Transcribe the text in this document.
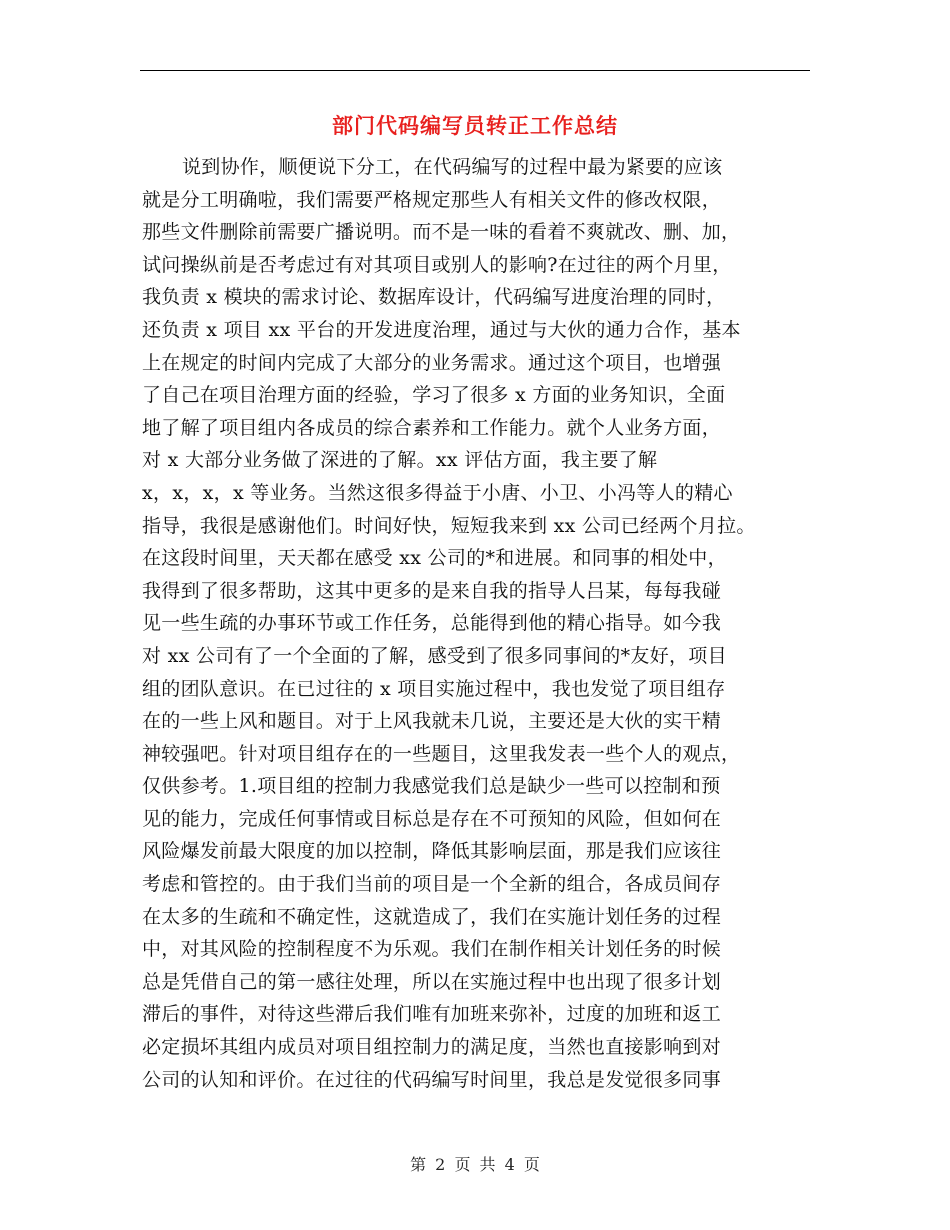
部门代码编写员转正工作总结
说到协作，顺便说下分工，在代码编写的过程中最为紧要的应该
就是分工明确啦，我们需要严格规定那些人有相关文件的修改权限，
那些文件删除前需要广播说明。而不是一味的看着不爽就改、删、加，
试问操纵前是否考虑过有对其项目或别人的影响?在过往的两个月里，
我负责 x 模块的需求讨论、数据库设计，代码编写进度治理的同时，
还负责 x 项目 xx 平台的开发进度治理，通过与大伙的通力合作，基本
上在规定的时间内完成了大部分的业务需求。通过这个项目，也增强
了自己在项目治理方面的经验，学习了很多 x 方面的业务知识，全面
地了解了项目组内各成员的综合素养和工作能力。就个人业务方面，
对 x 大部分业务做了深进的了解。xx 评估方面，我主要了解
x，x，x，x 等业务。当然这很多得益于小唐、小卫、小冯等人的精心
指导，我很是感谢他们。时间好快，短短我来到 xx 公司已经两个月拉。
在这段时间里，天天都在感受 xx 公司的*和进展。和同事的相处中，
我得到了很多帮助，这其中更多的是来自我的指导人吕某，每每我碰
见一些生疏的办事环节或工作任务，总能得到他的精心指导。如今我
对 xx 公司有了一个全面的了解，感受到了很多同事间的*友好，项目
组的团队意识。在已过往的 x 项目实施过程中，我也发觉了项目组存
在的一些上风和题目。对于上风我就未几说，主要还是大伙的实干精
神较强吧。针对项目组存在的一些题目，这里我发表一些个人的观点，
仅供参考。1.项目组的控制力我感觉我们总是缺少一些可以控制和预
见的能力，完成任何事情或目标总是存在不可预知的风险，但如何在
风险爆发前最大限度的加以控制，降低其影响层面，那是我们应该往
考虑和管控的。由于我们当前的项目是一个全新的组合，各成员间存
在太多的生疏和不确定性，这就造成了，我们在实施计划任务的过程
中，对其风险的控制程度不为乐观。我们在制作相关计划任务的时候
总是凭借自己的第一感往处理，所以在实施过程中也出现了很多计划
滞后的事件，对待这些滞后我们唯有加班来弥补，过度的加班和返工
必定损坏其组内成员对项目组控制力的满足度，当然也直接影响到对
公司的认知和评价。在过往的代码编写时间里，我总是发觉很多同事
第 2 页 共 4 页
